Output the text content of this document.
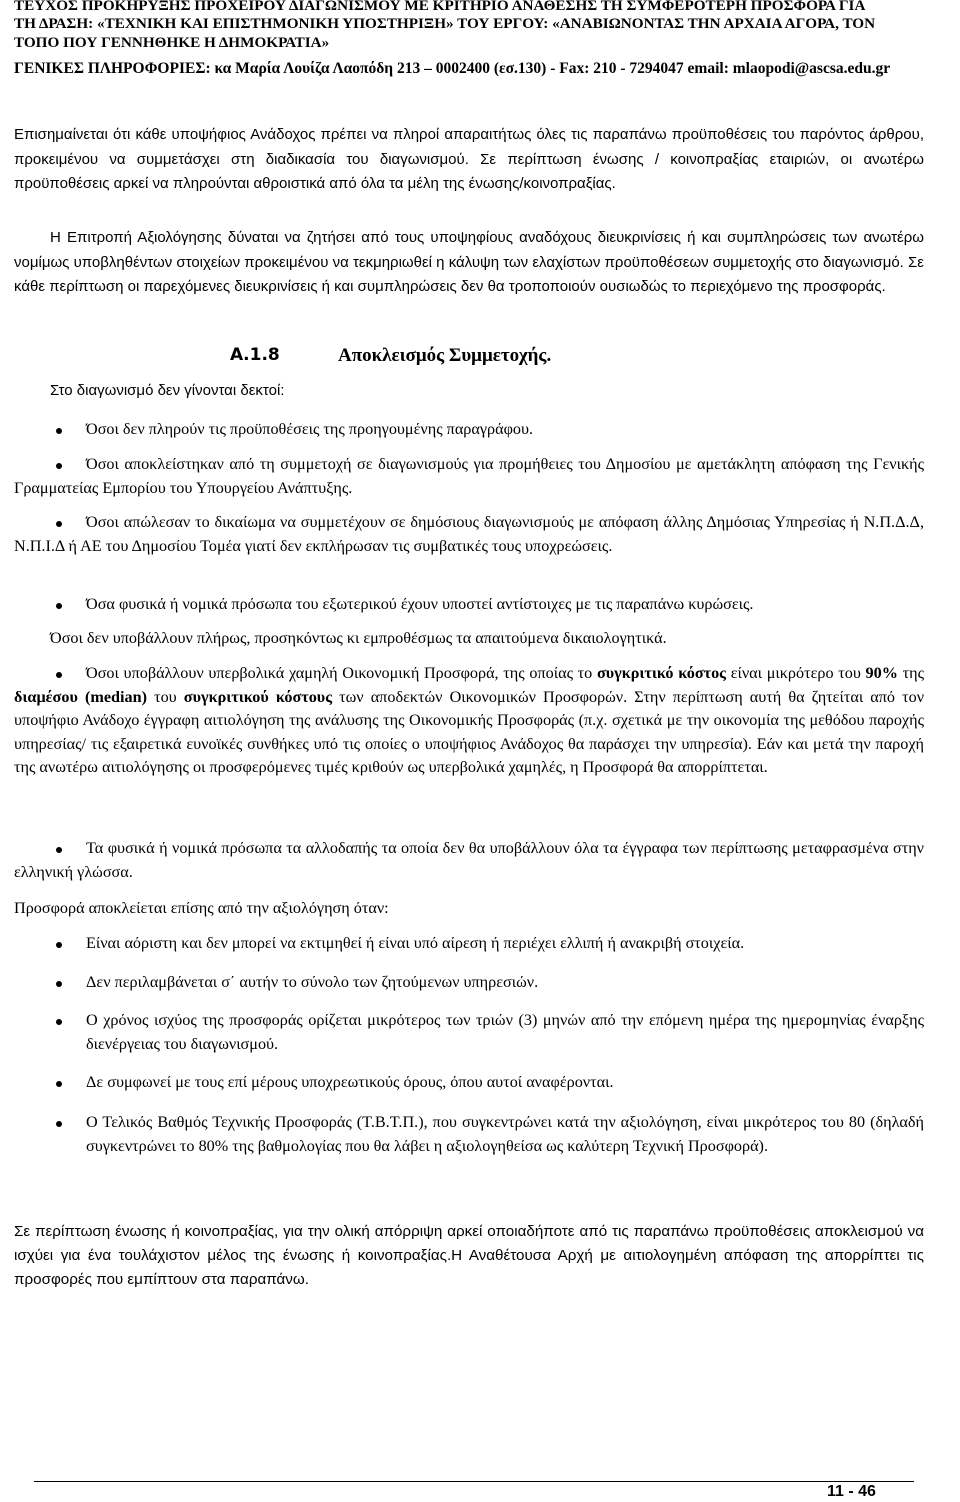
ΤΕΥΧΟΣ ΠΡΟΚΗΡΥΞΗΣ ΠΡΟΧΕΙΡΟΥ ΔΙΑΓΩΝΙΣΜΟΥ ΜΕ ΚΡΙΤΗΡΙΟ ΑΝΑΘΕΣΗΣ ΤΗ ΣΥΜΦΕΡΟΤΕΡΗ ΠΡΟΣΦΟΡΑ ΓΙΑ
ΤΗ ΔΡΑΣΗ: «ΤΕΧΝΙΚΗ ΚΑΙ ΕΠΙΣΤΗΜΟΝΙΚΗ ΥΠΟΣΤΗΡΙΞΗ» ΤΟΥ ΕΡΓΟΥ: «ΑΝΑΒΙΩΝΟΝΤΑΣ ΤΗΝ ΑΡΧΑΙΑ ΑΓΟΡΑ, ΤΟΝ
ΤΟΠΟ ΠΟΥ ΓΕΝΝΗΘΗΚΕ Η ΔΗΜΟΚΡΑΤΙΑ»
ΓΕΝΙΚΕΣ ΠΛΗΡΟΦΟΡΙΕΣ: κα Μαρία Λουίζα Λαοπόδη 213 – 0002400 (εσ.130) - Fax: 210 - 7294047 email: mlaopodi@ascsa.edu.gr
Επισημαίνεται ότι κάθε υποψήφιος Ανάδοχος πρέπει να πληροί απαραιτήτως όλες τις παραπάνω προϋποθέσεις του παρόντος άρθρου, προκειμένου να συμμετάσχει στη διαδικασία του διαγωνισμού. Σε περίπτωση ένωσης / κοινοπραξίας εταιριών, οι ανωτέρω προϋποθέσεις αρκεί να πληρούνται αθροιστικά από όλα τα μέλη της ένωσης/κοινοπραξίας.
Η Επιτροπή Αξιολόγησης δύναται να ζητήσει από τους υποψηφίους αναδόχους διευκρινίσεις ή και συμπληρώσεις των ανωτέρω νομίμως υποβληθέντων στοιχείων προκειμένου να τεκμηριωθεί η κάλυψη των ελαχίστων προϋποθέσεων συμμετοχής στο διαγωνισμό. Σε κάθε περίπτωση οι παρεχόμενες διευκρινίσεις ή και συμπληρώσεις δεν θα τροποποιούν ουσιωδώς το περιεχόμενο της προσφοράς.
Α.1.8	Αποκλεισμός Συμμετοχής.
Στο διαγωνισμό δεν γίνονται δεκτοί:
Όσοι δεν πληρούν τις προϋποθέσεις της προηγουμένης παραγράφου.
Όσοι αποκλείστηκαν από τη συμμετοχή σε διαγωνισμούς για προμήθειες του Δημοσίου με αμετάκλητη απόφαση της Γενικής Γραμματείας Εμπορίου του Υπουργείου Ανάπτυξης.
Όσοι απώλεσαν το δικαίωμα να συμμετέχουν σε δημόσιους διαγωνισμούς με απόφαση άλλης Δημόσιας Υπηρεσίας ή Ν.Π.Δ.Δ, Ν.Π.Ι.Δ ή ΑΕ του Δημοσίου Τομέα γιατί δεν εκπλήρωσαν τις συμβατικές τους υποχρεώσεις.
Όσα φυσικά ή νομικά πρόσωπα του εξωτερικού έχουν υποστεί αντίστοιχες με τις παραπάνω κυρώσεις.
Όσοι δεν υποβάλλουν πλήρως, προσηκόντως κι εμπροθέσμως τα απαιτούμενα δικαιολογητικά.
Όσοι υποβάλλουν υπερβολικά χαμηλή Οικονομική Προσφορά, της οποίας το συγκριτικό κόστος είναι μικρότερο του 90% της διαμέσου (median) του συγκριτικού κόστους των αποδεκτών Οικονομικών Προσφορών. Στην περίπτωση αυτή θα ζητείται από τον υποψήφιο Ανάδοχο έγγραφη αιτιολόγηση της ανάλυσης της Οικονομικής Προσφοράς (π.χ. σχετικά με την οικονομία της μεθόδου παροχής υπηρεσίας/ τις εξαιρετικά ευνοϊκές συνθήκες υπό τις οποίες ο υποψήφιος Ανάδοχος θα παράσχει την υπηρεσία). Εάν και μετά την παροχή της ανωτέρω αιτιολόγησης οι προσφερόμενες τιμές κριθούν ως υπερβολικά χαμηλές, η Προσφορά θα απορρίπτεται.
Τα φυσικά ή νομικά πρόσωπα τα αλλοδαπής τα οποία δεν θα υποβάλλουν όλα τα έγγραφα των περίπτωσης μεταφρασμένα στην ελληνική γλώσσα.
Προσφορά αποκλείεται επίσης από την αξιολόγηση όταν:
Είναι αόριστη και δεν μπορεί να εκτιμηθεί ή είναι υπό αίρεση ή περιέχει ελλιπή ή ανακριβή στοιχεία.
Δεν περιλαμβάνεται σ΄ αυτήν το σύνολο των ζητούμενων υπηρεσιών.
Ο χρόνος ισχύος της προσφοράς ορίζεται μικρότερος των τριών (3) μηνών από την επόμενη ημέρα της ημερομηνίας έναρξης διενέργειας του διαγωνισμού.
Δε συμφωνεί με τους επί μέρους υποχρεωτικούς όρους, όπου αυτοί αναφέρονται.
Ο Τελικός Βαθμός Τεχνικής Προσφοράς (Τ.Β.Τ.Π.), που συγκεντρώνει κατά την αξιολόγηση, είναι μικρότερος του 80 (δηλαδή συγκεντρώνει το 80% της βαθμολογίας που θα λάβει η αξιολογηθείσα ως καλύτερη Τεχνική Προσφορά).
Σε περίπτωση ένωσης ή κοινοπραξίας, για την ολική απόρριψη αρκεί οποιαδήποτε από τις παραπάνω προϋποθέσεις αποκλεισμού να ισχύει για ένα τουλάχιστον μέλος της ένωσης ή κοινοπραξίας.Η Αναθέτουσα Αρχή με αιτιολογημένη απόφαση της απορρίπτει τις προσφορές που εμπίπτουν στα παραπάνω.
11 - 46
